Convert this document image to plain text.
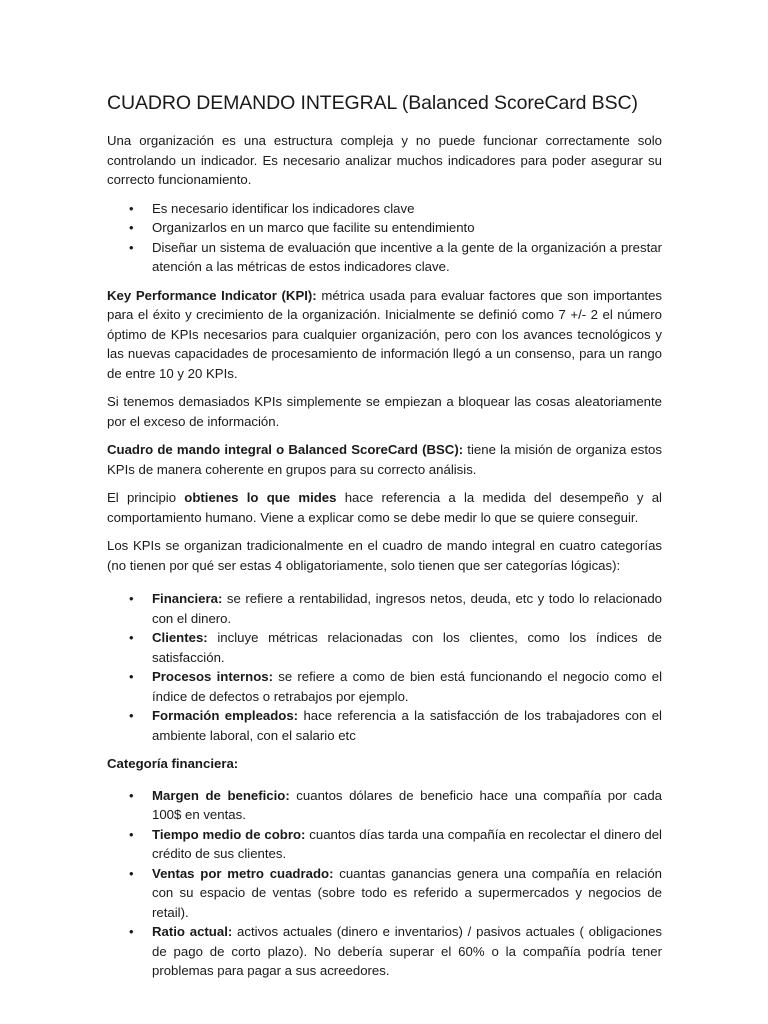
CUADRO DEMANDO INTEGRAL (Balanced ScoreCard BSC)

Una organización es una estructura compleja y no puede funcionar correctamente solo controlando un indicador. Es necesario analizar muchos indicadores para poder asegurar su correcto funcionamiento.

• Es necesario identificar los indicadores clave
• Organizarlos en un marco que facilite su entendimiento
• Diseñar un sistema de evaluación que incentive a la gente de la organización a prestar atención a las métricas de estos indicadores clave.

Key Performance Indicator (KPI): métrica usada para evaluar factores que son importantes para el éxito y crecimiento de la organización. Inicialmente se definió como 7 +/- 2 el número óptimo de KPIs necesarios para cualquier organización, pero con los avances tecnológicos y las nuevas capacidades de procesamiento de información llegó a un consenso, para un rango de entre 10 y 20 KPIs.

Si tenemos demasiados KPIs simplemente se empiezan a bloquear las cosas aleatoriamente por el exceso de información.

Cuadro de mando integral o Balanced ScoreCard (BSC): tiene la misión de organiza estos KPIs de manera coherente en grupos para su correcto análisis.

El principio obtienes lo que mides hace referencia a la medida del desempeño y al comportamiento humano. Viene a explicar como se debe medir lo que se quiere conseguir.

Los KPIs se organizan tradicionalmente en el cuadro de mando integral en cuatro categorías (no tienen por qué ser estas 4 obligatoriamente, solo tienen que ser categorías lógicas):

• Financiera: se refiere a rentabilidad, ingresos netos, deuda, etc y todo lo relacionado con el dinero.
• Clientes: incluye métricas relacionadas con los clientes, como los índices de satisfacción.
• Procesos internos: se refiere a como de bien está funcionando el negocio como el índice de defectos o retrabajos por ejemplo.
• Formación empleados: hace referencia a la satisfacción de los trabajadores con el ambiente laboral, con el salario etc

Categoría financiera:

• Margen de beneficio: cuantos dólares de beneficio hace una compañía por cada 100$ en ventas.
• Tiempo medio de cobro: cuantos días tarda una compañía en recolectar el dinero del crédito de sus clientes.
• Ventas por metro cuadrado: cuantas ganancias genera una compañía en relación con su espacio de ventas (sobre todo es referido a supermercados y negocios de retail).
• Ratio actual: activos actuales (dinero e inventarios) / pasivos actuales ( obligaciones de pago de corto plazo). No debería superar el 60% o la compañía podría tener problemas para pagar a sus acreedores.
